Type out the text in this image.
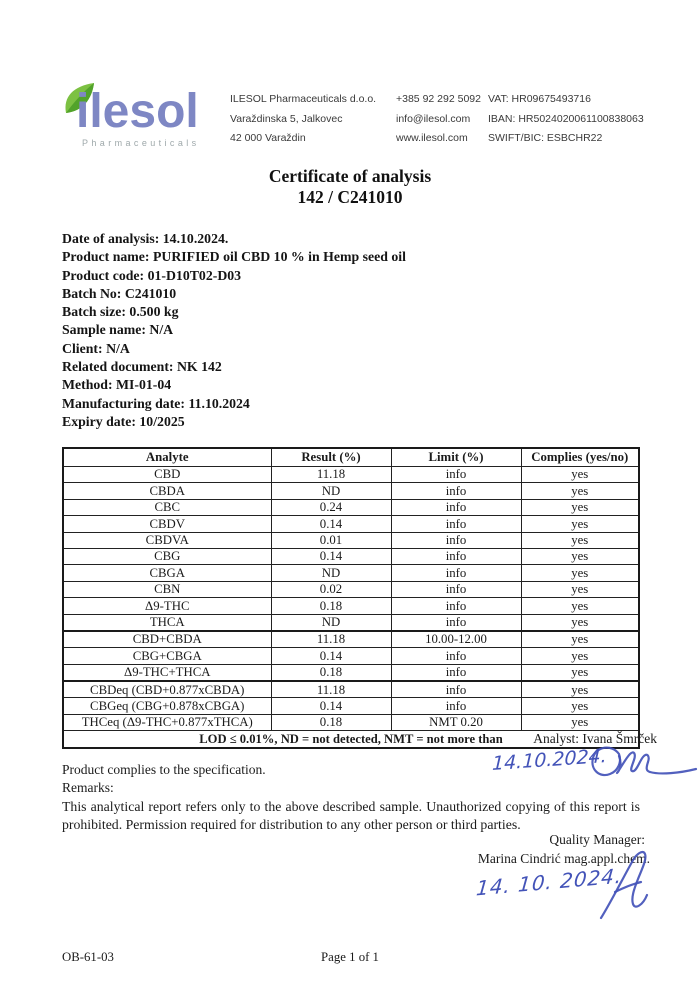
ilesol
Pharmaceuticals
ILESOL Pharmaceuticals d.o.o.
Varaždinska 5, Jalkovec
42 000 Varaždin
+385 92 292 5092
info@ilesol.com
www.ilesol.com
VAT: HR09675493716
IBAN: HR5024020061100838063
SWIFT/BIC: ESBCHR22
Certificate of analysis
142 / C241010
Date of analysis: 14.10.2024.
Product name: PURIFIED oil CBD 10 % in Hemp seed oil
Product code: 01-D10T02-D03
Batch No: C241010
Batch size: 0.500 kg
Sample name: N/A
Client: N/A
Related document: NK 142
Method: MI-01-04
Manufacturing date: 11.10.2024
Expiry date: 10/2025
Analyte	Result (%)	Limit (%)	Complies (yes/no)
CBD	11.18	info	yes
CBDA	ND	info	yes
CBC	0.24	info	yes
CBDV	0.14	info	yes
CBDVA	0.01	info	yes
CBG	0.14	info	yes
CBGA	ND	info	yes
CBN	0.02	info	yes
Δ9-THC	0.18	info	yes
THCA	ND	info	yes
CBD+CBDA	11.18	10.00-12.00	yes
CBG+CBGA	0.14	info	yes
Δ9-THC+THCA	0.18	info	yes
CBDeq (CBD+0.877xCBDA)	11.18	info	yes
CBGeq (CBG+0.878xCBGA)	0.14	info	yes
THCeq (Δ9-THC+0.877xTHCA)	0.18	NMT 0.20	yes
LOD ≤ 0.01%, ND = not detected, NMT = not more than			Analyst: Ivana Šmrček
14.10.2024.
Product complies to the specification.
Remarks:
This analytical report refers only to the above described sample. Unauthorized copying of this report is prohibited. Permission required for distribution to any other person or third parties.
Quality Manager:
Marina Cindrić mag.appl.chem.
14. 10. 2024.
OB-61-03	Page 1 of 1
